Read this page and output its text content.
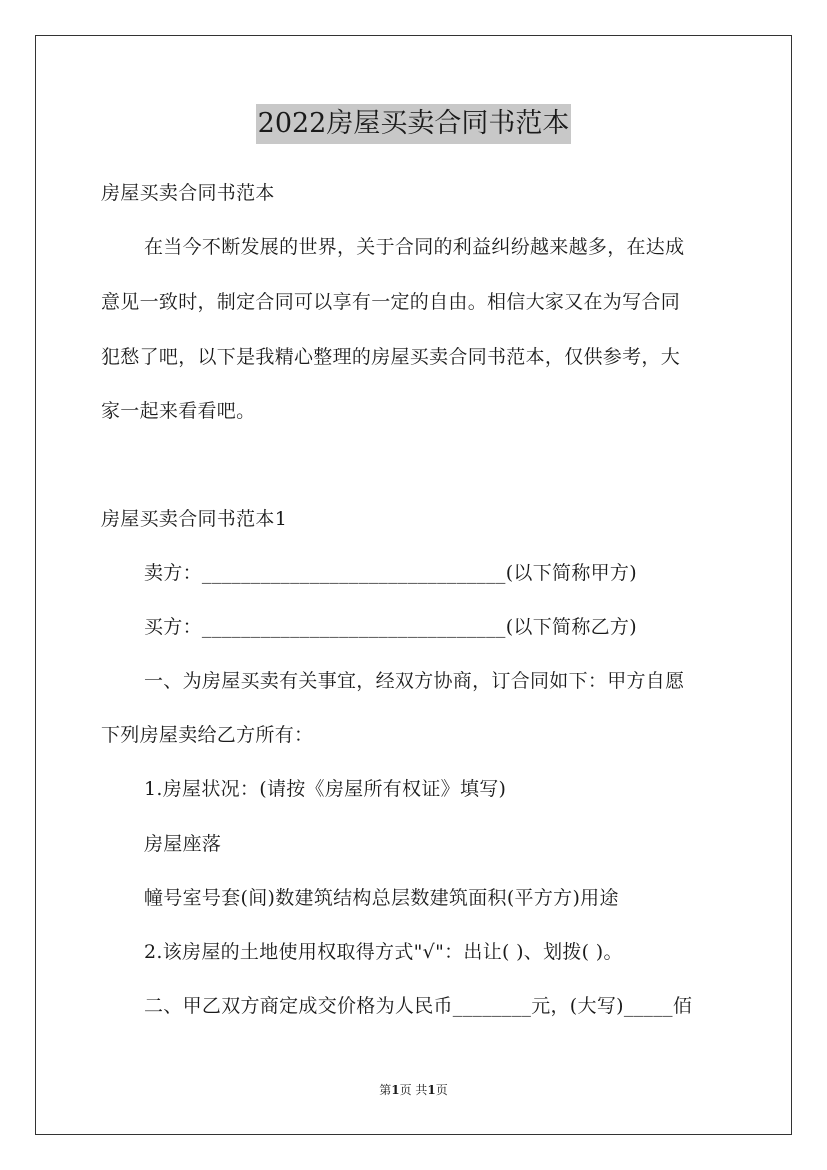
2022房屋买卖合同书范本
房屋买卖合同书范本
在当今不断发展的世界，关于合同的利益纠纷越来越多，在达成
意见一致时，制定合同可以享有一定的自由。相信大家又在为写合同
犯愁了吧，以下是我精心整理的房屋买卖合同书范本，仅供参考，大
家一起来看看吧。
房屋买卖合同书范本1
卖方：_______________________________(以下简称甲方)
买方：_______________________________(以下简称乙方)
一、为房屋买卖有关事宜，经双方协商，订合同如下：甲方自愿
下列房屋卖给乙方所有：
1.房屋状况：(请按《房屋所有权证》填写)
房屋座落
幢号室号套(间)数建筑结构总层数建筑面积(平方方)用途
2.该房屋的土地使用权取得方式"√"：出让( )、划拨( )。
二、甲乙双方商定成交价格为人民币________元，(大写)_____佰
第1页 共1页
